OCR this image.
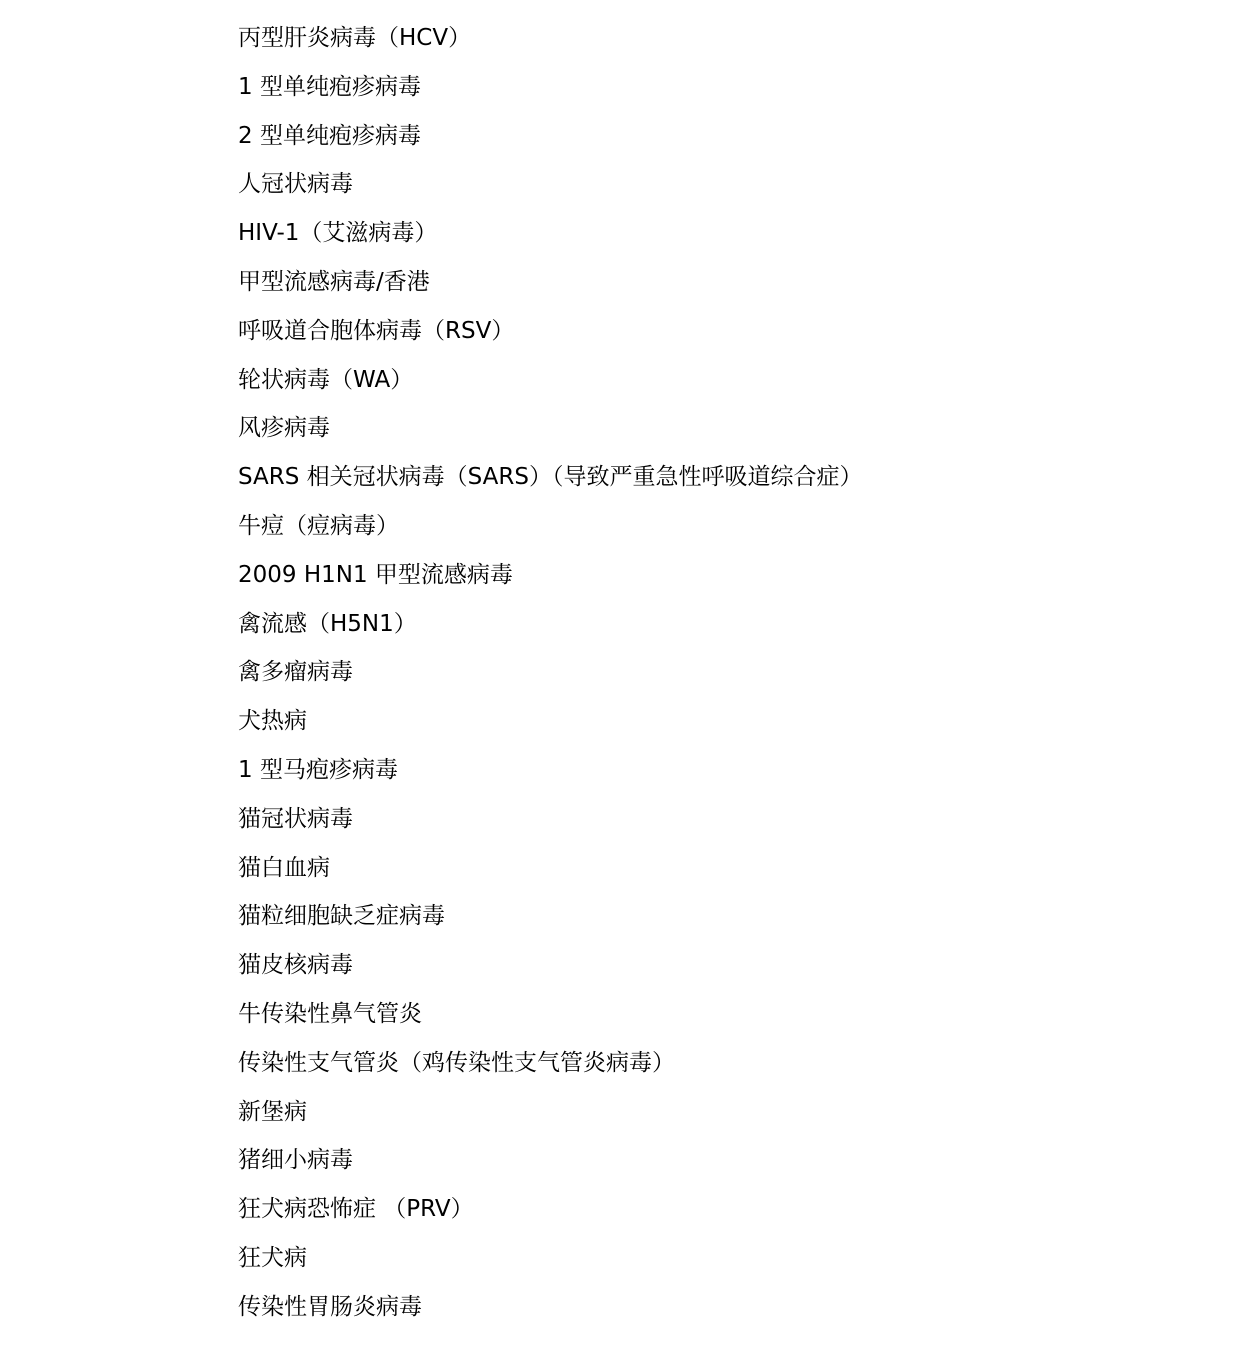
丙型肝炎病毒（HCV）
1 型单纯疱疹病毒
2 型单纯疱疹病毒
人冠状病毒
HIV-1（艾滋病毒）
甲型流感病毒/香港
呼吸道合胞体病毒（RSV）
轮状病毒（WA）
风疹病毒
SARS 相关冠状病毒（SARS）（导致严重急性呼吸道综合症）
牛痘（痘病毒）
2009 H1N1 甲型流感病毒
禽流感（H5N1）
禽多瘤病毒
犬热病
1 型马疱疹病毒
猫冠状病毒
猫白血病
猫粒细胞缺乏症病毒
猫皮核病毒
牛传染性鼻气管炎
传染性支气管炎（鸡传染性支气管炎病毒）
新堡病
猪细小病毒
狂犬病恐怖症 （PRV）
狂犬病
传染性胃肠炎病毒
